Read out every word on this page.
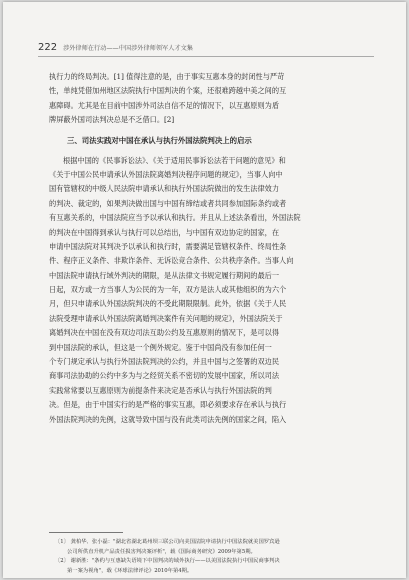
222 涉外律师在行动——中国涉外律师领军人才文集
执行力的终局判决。[1] 值得注意的是，由于事实互惠本身的封闭性与严苛
性，单纯凭借加州地区法院执行中国判决的个案，还很难跨越中美之间的互
惠障碍。尤其是在目前中国涉外司法自信不足的情况下，以互惠原则为盾
牌屏蔽外国司法判决总是不乏借口。[2]
三、司法实践对中国在承认与执行外国法院判决上的启示
根据中国的《民事诉讼法》、《关于适用民事诉讼法若干问题的意见》和
《关于中国公民申请承认外国法院离婚判决程序问题的规定》，当事人向中
国有管辖权的中级人民法院申请承认和执行外国法院做出的发生法律效力
的判决、裁定的，如果判决做出国与中国有缔结或者共同参加国际条约或者
有互惠关系的，中国法院应当予以承认和执行。并且从上述法条看出，外国法院
的判决在中国得到承认与执行可以总结出，与中国有双边协定的国家，在
申请中国法院对其判决予以承认和执行时，需要满足管辖权条件、终局性条
件、程序正义条件、非欺诈条件、无诉讼竞合条件、公共秩序条件。当事人向
中国法院申请执行域外判决的期限，是从法律文书规定履行期间的最后一
日起，双方或一方当事人为公民的为一年，双方是法人或其他组织的为六个
月，但只申请承认外国法院判决的不受此期限限制。此外，依据《关于人民
法院受理申请承认外国法院离婚判决案件有关问题的规定》，外国法院关于
离婚判决在中国在没有双边司法互助公约及互惠原则的情况下，是可以得
到中国法院的承认，但这是一个例外规定。鉴于中国尚没有参加任何一
个专门规定承认与执行外国法院判决的公约，并且中国与之签署的双边民
商事司法协助的公约中多为与之经贸关系不密切的发展中国家，所以司法
实践常常要以互惠原则为前提条件来决定是否承认与执行外国法院的判
决。但是，由于中国实行的是严格的事实互惠，即必须要求存在承认与执行
外国法院判决的先例，这就导致中国与没有此类司法先例的国家之间，陷入
〔1〕 龚柏华、张小磊："湖北省湖北葛州坝三联公司向美国法院申请执行中国法院就美国罗宾逊
公司所供直升机产品责任损害判决案评析"，载《国际商务研究》2009年第5期。
〔2〕 谢新胜："条约与互惠缺失语境下中国判决的域外执行——以美国法院执行中国民商事判决
第一案为视角"，载《环球法律评论》2010年第4期。
